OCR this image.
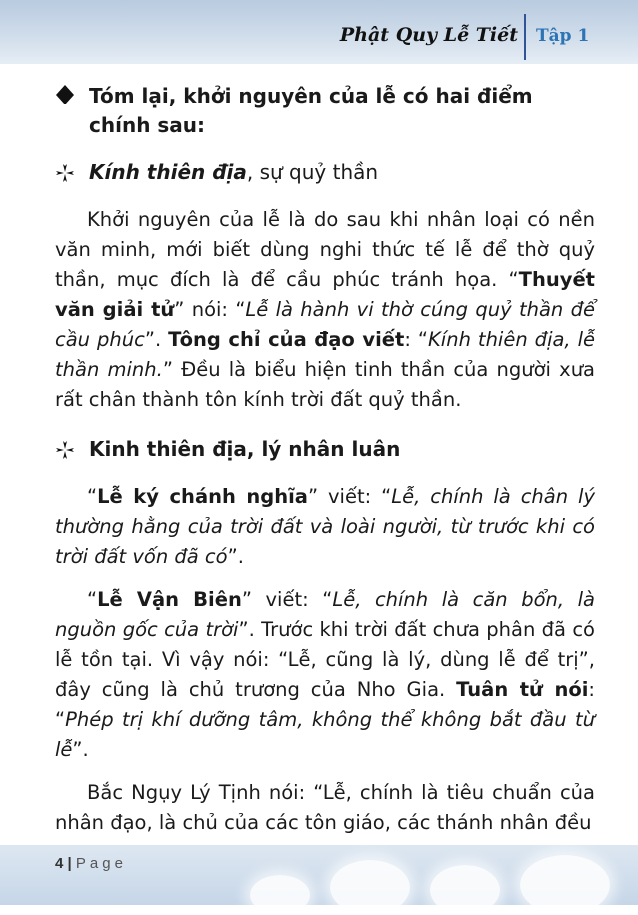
Phật Quy Lễ Tiết Tập 1
Tóm lại, khởi nguyên của lễ có hai điểm chính sau:
Kính thiên địa, sự quỷ thần

Khởi nguyên của lễ là do sau khi nhân loại có nền văn minh, mới biết dùng nghi thức tế lễ để thờ quỷ thần, mục đích là để cầu phúc tránh họa. “Thuyết văn giải tử” nói: “Lễ là hành vi thờ cúng quỷ thần để cầu phúc”. Tông chỉ của đạo viết: “Kính thiên địa, lễ thần minh.” Đều là biểu hiện tinh thần của người xưa rất chân thành tôn kính trời đất quỷ thần.

Kinh thiên địa, lý nhân luân

“Lễ ký chánh nghĩa” viết: “Lễ, chính là chân lý thường hằng của trời đất và loài người, từ trước khi có trời đất vốn đã có”.

“Lễ Vận Biên” viết: “Lễ, chính là căn bổn, là nguồn gốc của trời”. Trước khi trời đất chưa phân đã có lễ tồn tại. Vì vậy nói: “Lễ, cũng là lý, dùng lễ để trị”, đây cũng là chủ trương của Nho Gia. Tuân tử nói: “Phép trị khí dưỡng tâm, không thể không bắt đầu từ lễ”.

Bắc Ngụy Lý Tịnh nói: “Lễ, chính là tiêu chuẩn của nhân đạo, là chủ của các tôn giáo, các thánh nhân đều

4 | Page
